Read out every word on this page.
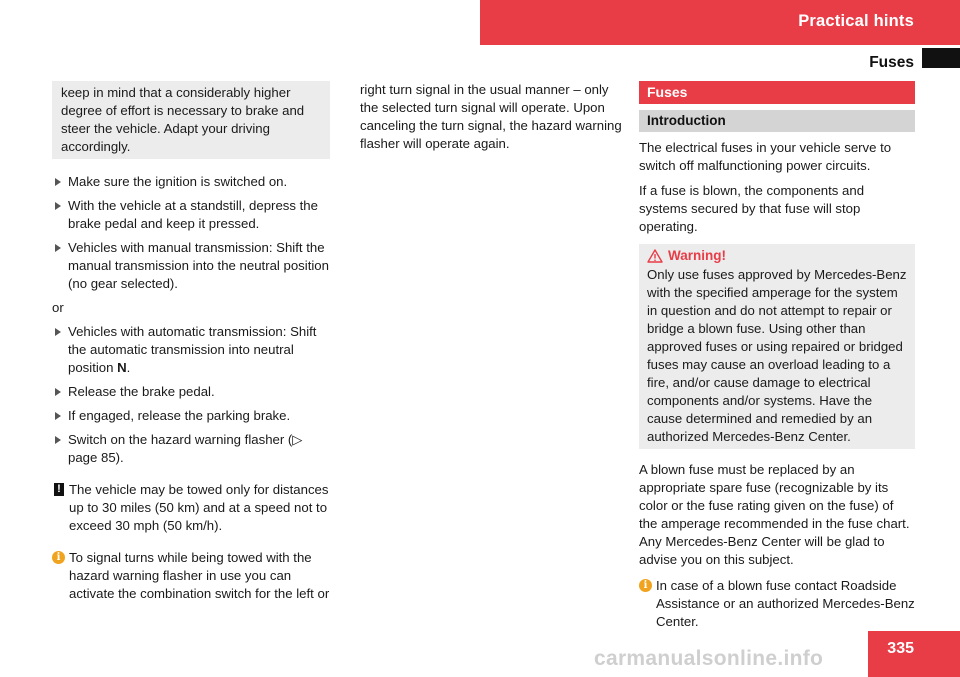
Practical hints
Fuses

keep in mind that a considerably higher degree of effort is necessary to brake and steer the vehicle. Adapt your driving accordingly.

Make sure the ignition is switched on.
With the vehicle at a standstill, depress the brake pedal and keep it pressed.
Vehicles with manual transmission: Shift the manual transmission into the neutral position (no gear selected).

or

Vehicles with automatic transmission: Shift the automatic transmission into neutral position N.
Release the brake pedal.
If engaged, release the parking brake.
Switch on the hazard warning flasher (▷ page 85).
! The vehicle may be towed only for distances up to 30 miles (50 km) and at a speed not to exceed 30 mph (50 km/h).
i To signal turns while being towed with the hazard warning flasher in use you can activate the combination switch for the left or

right turn signal in the usual manner – only the selected turn signal will operate. Upon canceling the turn signal, the hazard warning flasher will operate again.

Fuses
Introduction

The electrical fuses in your vehicle serve to switch off malfunctioning power circuits.

If a fuse is blown, the components and systems secured by that fuse will stop operating.

Warning!

Only use fuses approved by Mercedes-Benz with the specified amperage for the system in question and do not attempt to repair or bridge a blown fuse. Using other than approved fuses or using repaired or bridged fuses may cause an overload leading to a fire, and/or cause damage to electrical components and/or systems. Have the cause determined and remedied by an authorized Mercedes-Benz Center.

A blown fuse must be replaced by an appropriate spare fuse (recognizable by its color or the fuse rating given on the fuse) of the amperage recommended in the fuse chart. Any Mercedes-Benz Center will be glad to advise you on this subject.

i In case of a blown fuse contact Roadside Assistance or an authorized Mercedes-Benz Center.
carmanualsonline.info	335
